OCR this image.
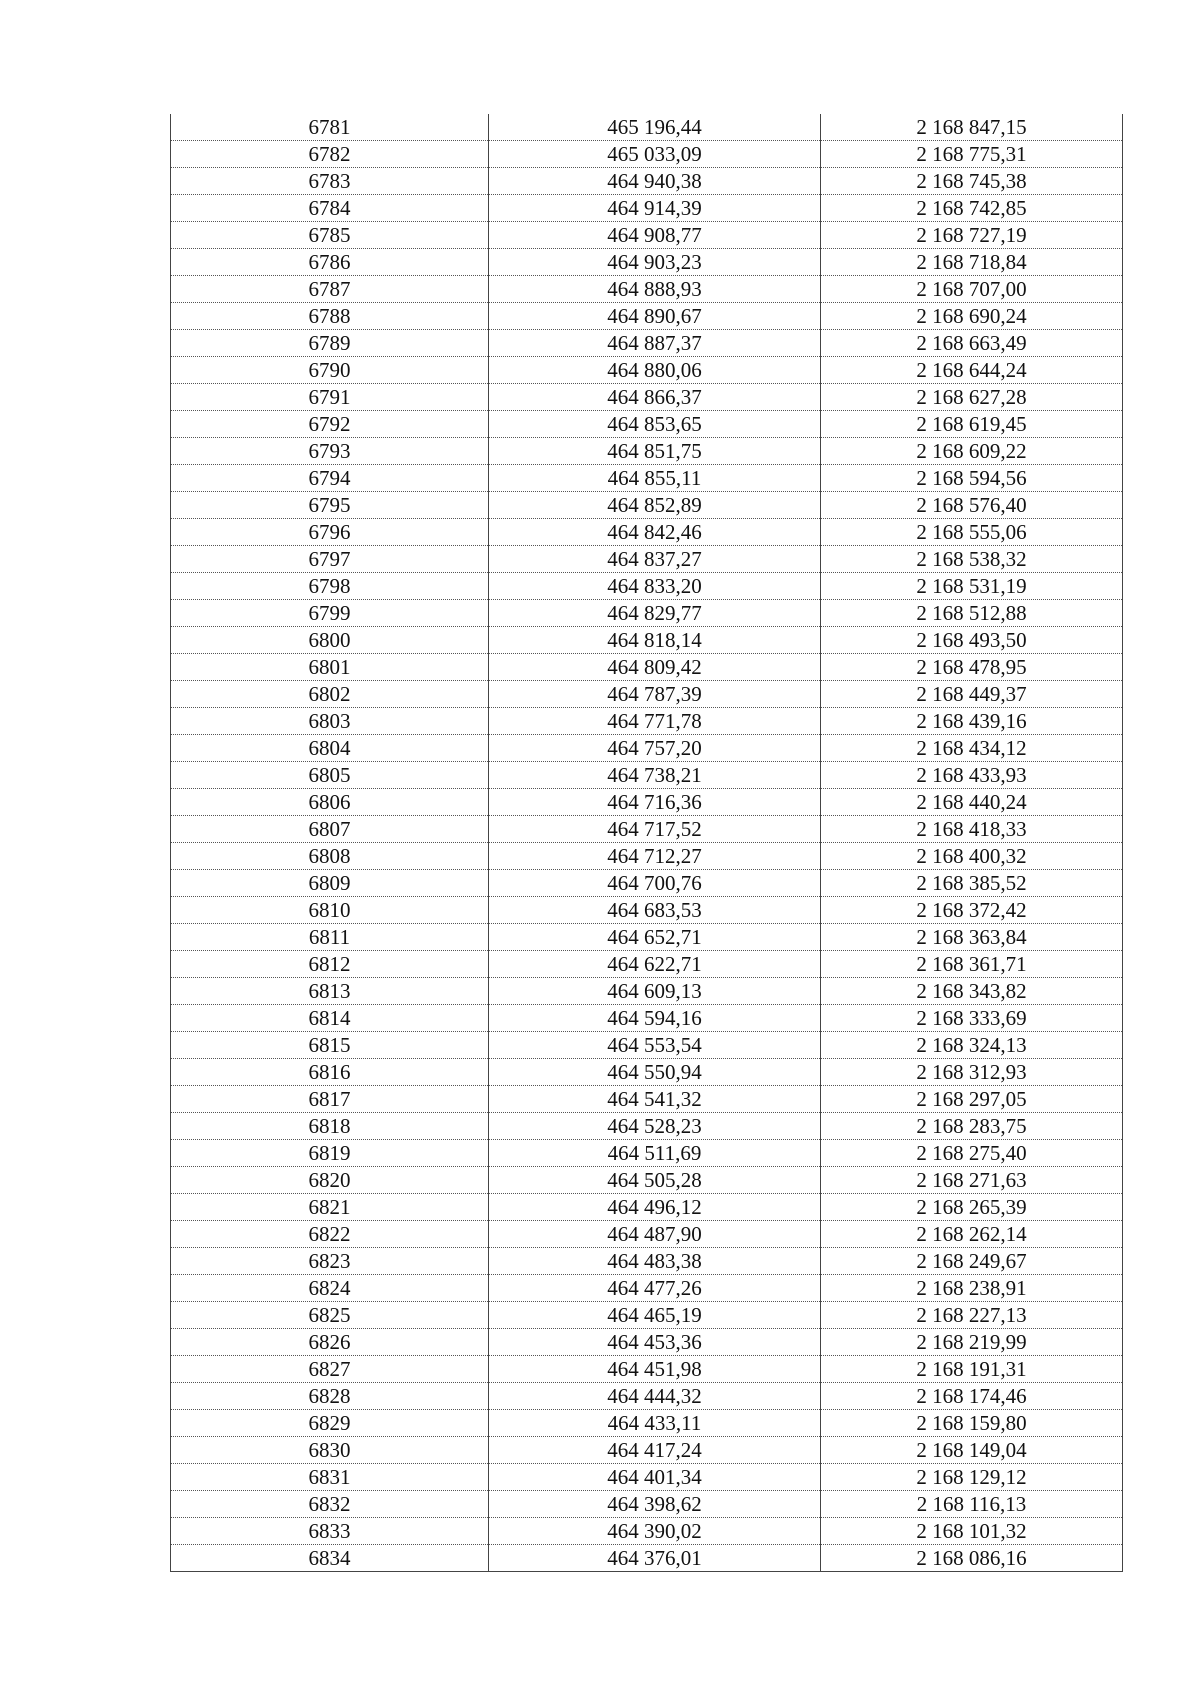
6781	465 196,44	2 168 847,15
6782	465 033,09	2 168 775,31
6783	464 940,38	2 168 745,38
6784	464 914,39	2 168 742,85
6785	464 908,77	2 168 727,19
6786	464 903,23	2 168 718,84
6787	464 888,93	2 168 707,00
6788	464 890,67	2 168 690,24
6789	464 887,37	2 168 663,49
6790	464 880,06	2 168 644,24
6791	464 866,37	2 168 627,28
6792	464 853,65	2 168 619,45
6793	464 851,75	2 168 609,22
6794	464 855,11	2 168 594,56
6795	464 852,89	2 168 576,40
6796	464 842,46	2 168 555,06
6797	464 837,27	2 168 538,32
6798	464 833,20	2 168 531,19
6799	464 829,77	2 168 512,88
6800	464 818,14	2 168 493,50
6801	464 809,42	2 168 478,95
6802	464 787,39	2 168 449,37
6803	464 771,78	2 168 439,16
6804	464 757,20	2 168 434,12
6805	464 738,21	2 168 433,93
6806	464 716,36	2 168 440,24
6807	464 717,52	2 168 418,33
6808	464 712,27	2 168 400,32
6809	464 700,76	2 168 385,52
6810	464 683,53	2 168 372,42
6811	464 652,71	2 168 363,84
6812	464 622,71	2 168 361,71
6813	464 609,13	2 168 343,82
6814	464 594,16	2 168 333,69
6815	464 553,54	2 168 324,13
6816	464 550,94	2 168 312,93
6817	464 541,32	2 168 297,05
6818	464 528,23	2 168 283,75
6819	464 511,69	2 168 275,40
6820	464 505,28	2 168 271,63
6821	464 496,12	2 168 265,39
6822	464 487,90	2 168 262,14
6823	464 483,38	2 168 249,67
6824	464 477,26	2 168 238,91
6825	464 465,19	2 168 227,13
6826	464 453,36	2 168 219,99
6827	464 451,98	2 168 191,31
6828	464 444,32	2 168 174,46
6829	464 433,11	2 168 159,80
6830	464 417,24	2 168 149,04
6831	464 401,34	2 168 129,12
6832	464 398,62	2 168 116,13
6833	464 390,02	2 168 101,32
6834	464 376,01	2 168 086,16
